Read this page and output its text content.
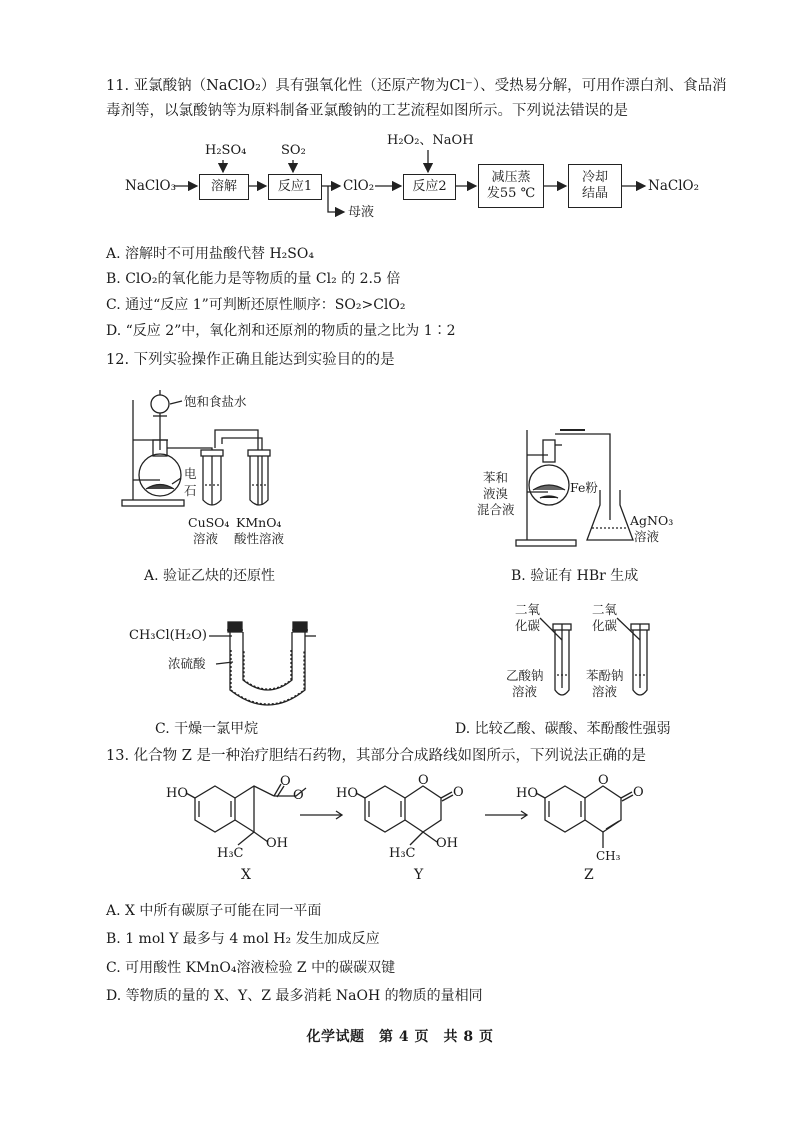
11. 亚氯酸钠（NaClO₂）具有强氧化性（还原产物为Cl⁻）、受热易分解，可用作漂白剂、食品消
毒剂等，以氯酸钠等为原料制备亚氯酸钠的工艺流程如图所示。下列说法错误的是
NaClO₃
H₂SO₄	SO₂
H₂O₂、NaOH
溶解	反应1	ClO₂
母液
反应2
减压蒸
发55 ℃
冷却
结晶	NaClO₂
A. 溶解时不可用盐酸代替 H₂SO₄
B. ClO₂的氧化能力是等物质的量 Cl₂ 的 2.5 倍
C. 通过“反应 1”可判断还原性顺序：SO₂>ClO₂
D. “反应 2”中，氧化剂和还原剂的物质的量之比为 1∶2
12. 下列实验操作正确且能达到实验目的的是
饱和食盐水
电
石
CuSO₄
溶液
KMnO₄
酸性溶液
A. 验证乙炔的还原性
苯和
液溴
混合液
Fe粉
AgNO₃
溶液
B. 验证有 HBr 生成
CH₃Cl(H₂O)
浓硫酸
C. 干燥一氯甲烷
二氧
化碳
二氧
化碳
乙酸钠
溶液
苯酚钠
溶液
D. 比较乙酸、碳酸、苯酚酸性强弱
13. 化合物 Z 是一种治疗胆结石药物，其部分合成路线如图所示，下列说法正确的是
HO
O
O
H₃C
OH
X
HO
O
O
H₃C
OH
Y
HO
O
O
CH₃
Z
A. X 中所有碳原子可能在同一平面
B. 1 mol Y 最多与 4 mol H₂ 发生加成反应
C. 可用酸性 KMnO₄溶液检验 Z 中的碳碳双键
D. 等物质的量的 X、Y、Z 最多消耗 NaOH 的物质的量相同
化学试题　第 4 页　共 8 页
